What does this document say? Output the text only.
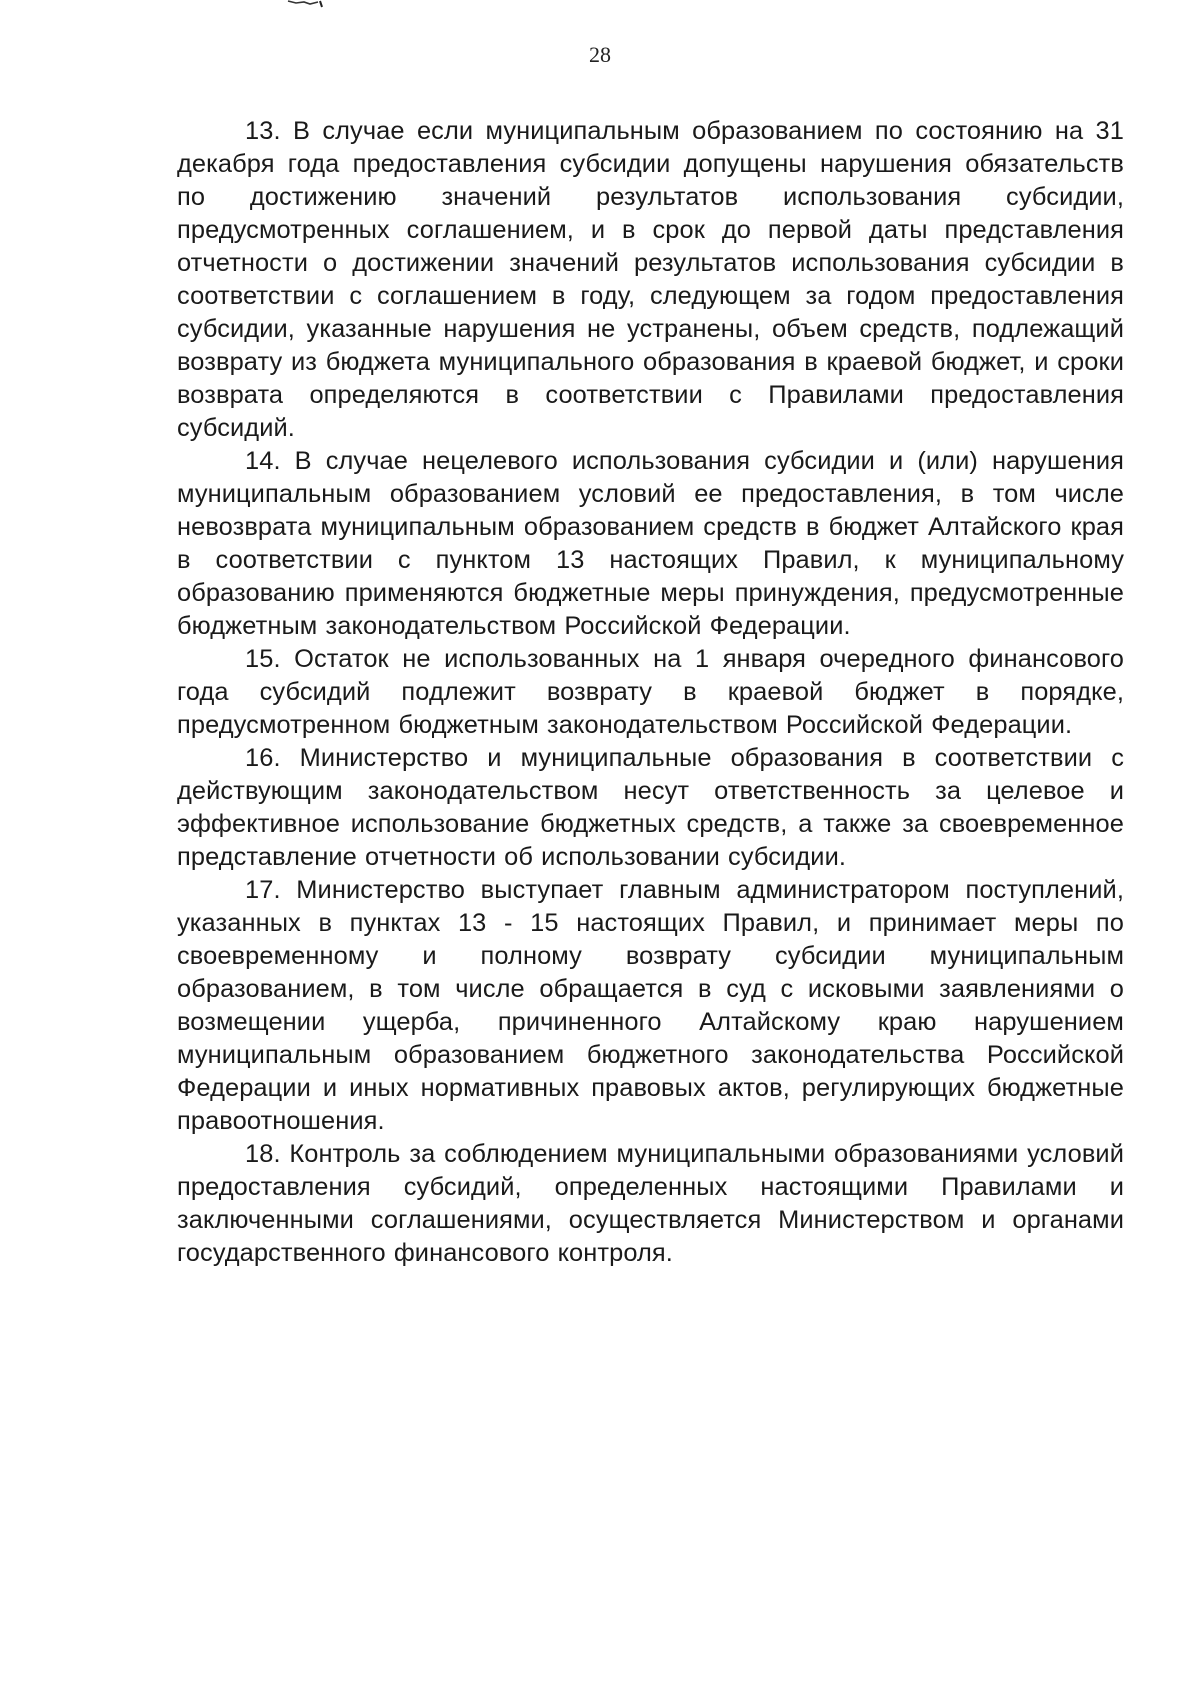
28

13. В случае если муниципальным образованием по состоянию на 31 декабря года предоставления субсидии допущены нарушения обязательств по достижению значений результатов использования субсидии, предусмотренных соглашением, и в срок до первой даты представления отчетности о достижении значений результатов использования субсидии в соответствии с соглашением в году, следующем за годом предоставления субсидии, указанные нарушения не устранены, объем средств, подлежащий возврату из бюджета муниципального образования в краевой бюджет, и сроки возврата определяются в соответствии с Правилами предоставления субсидий.

14. В случае нецелевого использования субсидии и (или) нарушения муниципальным образованием условий ее предоставления, в том числе невозврата муниципальным образованием средств в бюджет Алтайского края в соответствии с пунктом 13 настоящих Правил, к муниципальному образованию применяются бюджетные меры принуждения, предусмотренные бюджетным законодательством Российской Федерации.

15. Остаток не использованных на 1 января очередного финансового года субсидий подлежит возврату в краевой бюджет в порядке, предусмотренном бюджетным законодательством Российской Федерации.

16. Министерство и муниципальные образования в соответствии с действующим законодательством несут ответственность за целевое и эффективное использование бюджетных средств, а также за своевременное представление отчетности об использовании субсидии.

17. Министерство выступает главным администратором поступлений, указанных в пунктах 13 - 15 настоящих Правил, и принимает меры по своевременному и полному возврату субсидии муниципальным образованием, в том числе обращается в суд с исковыми заявлениями о возмещении ущерба, причиненного Алтайскому краю нарушением муниципальным образованием бюджетного законодательства Российской Федерации и иных нормативных правовых актов, регулирующих бюджетные правоотношения.

18. Контроль за соблюдением муниципальными образованиями условий предоставления субсидий, определенных настоящими Правилами и заключенными соглашениями, осуществляется Министерством и органами государственного финансового контроля.
